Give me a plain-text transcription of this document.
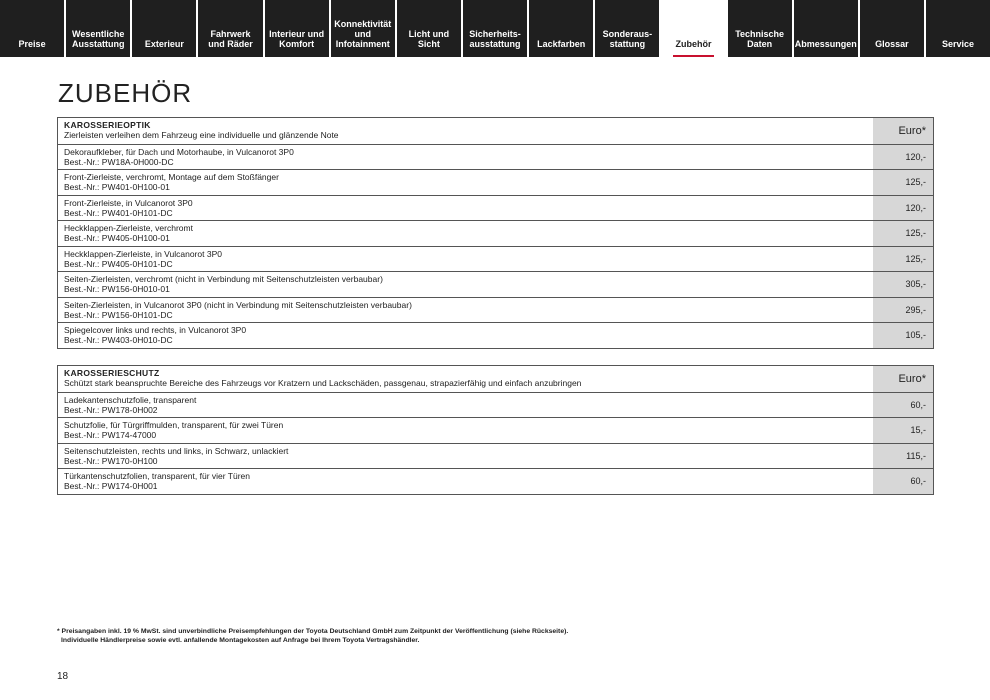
Preise
Wesentliche
Ausstattung	Exterieur
Fahrwerk
und Räder
Interieur und
Komfort
Konnektivität
und
Infotainment
Licht und Sicht
Sicherheits-
ausstattung	Lackfarben
Sonderaus-
stattung	Zubehör
Technische
Daten	Abmessungen	Glossar	Service
ZUBEHÖR
KAROSSERIEOPTIK
Zierleisten verleihen dem Fahrzeug eine individuelle und glänzende Note	Euro*
Dekoraufkleber, für Dach und Motorhaube, in Vulcanorot 3P0
Best.-Nr.: PW18A-0H000-DC	120,-
Front-Zierleiste, verchromt, Montage auf dem Stoßfänger
Best.-Nr.: PW401-0H100-01	125,-
Front-Zierleiste, in Vulcanorot 3P0
Best.-Nr.: PW401-0H101-DC	120,-
Heckklappen-Zierleiste, verchromt
Best.-Nr.: PW405-0H100-01	125,-
Heckklappen-Zierleiste, in Vulcanorot 3P0
Best.-Nr.: PW405-0H101-DC	125,-
Seiten-Zierleisten, verchromt (nicht in Verbindung mit Seitenschutzleisten verbaubar)
Best.-Nr.: PW156-0H010-01	305,-
Seiten-Zierleisten, in Vulcanorot 3P0 (nicht in Verbindung mit Seitenschutzleisten verbaubar)
Best.-Nr.: PW156-0H101-DC	295,-
Spiegelcover links und rechts, in Vulcanorot 3P0
Best.-Nr.: PW403-0H010-DC	105,-
KAROSSERIESCHUTZ
Schützt stark beanspruchte Bereiche des Fahrzeugs vor Kratzern und Lackschäden, passgenau, strapazierfähig und einfach anzubringen	Euro*
Ladekantenschutzfolie, transparent
Best.-Nr.: PW178-0H002	60,-
Schutzfolie, für Türgriffmulden, transparent, für zwei Türen
Best.-Nr.: PW174-47000	15,-
Seitenschutzleisten, rechts und links, in Schwarz, unlackiert
Best.-Nr.: PW170-0H100	115,-
Türkantenschutzfolien, transparent, für vier Türen
Best.-Nr.: PW174-0H001	60,-
* Preisangaben inkl. 19 % MwSt. sind unverbindliche Preisempfehlungen der Toyota Deutschland GmbH zum Zeitpunkt der Veröffentlichung (siehe Rückseite).
Individuelle Händlerpreise sowie evtl. anfallende Montagekosten auf Anfrage bei Ihrem Toyota Vertragshändler.
18
